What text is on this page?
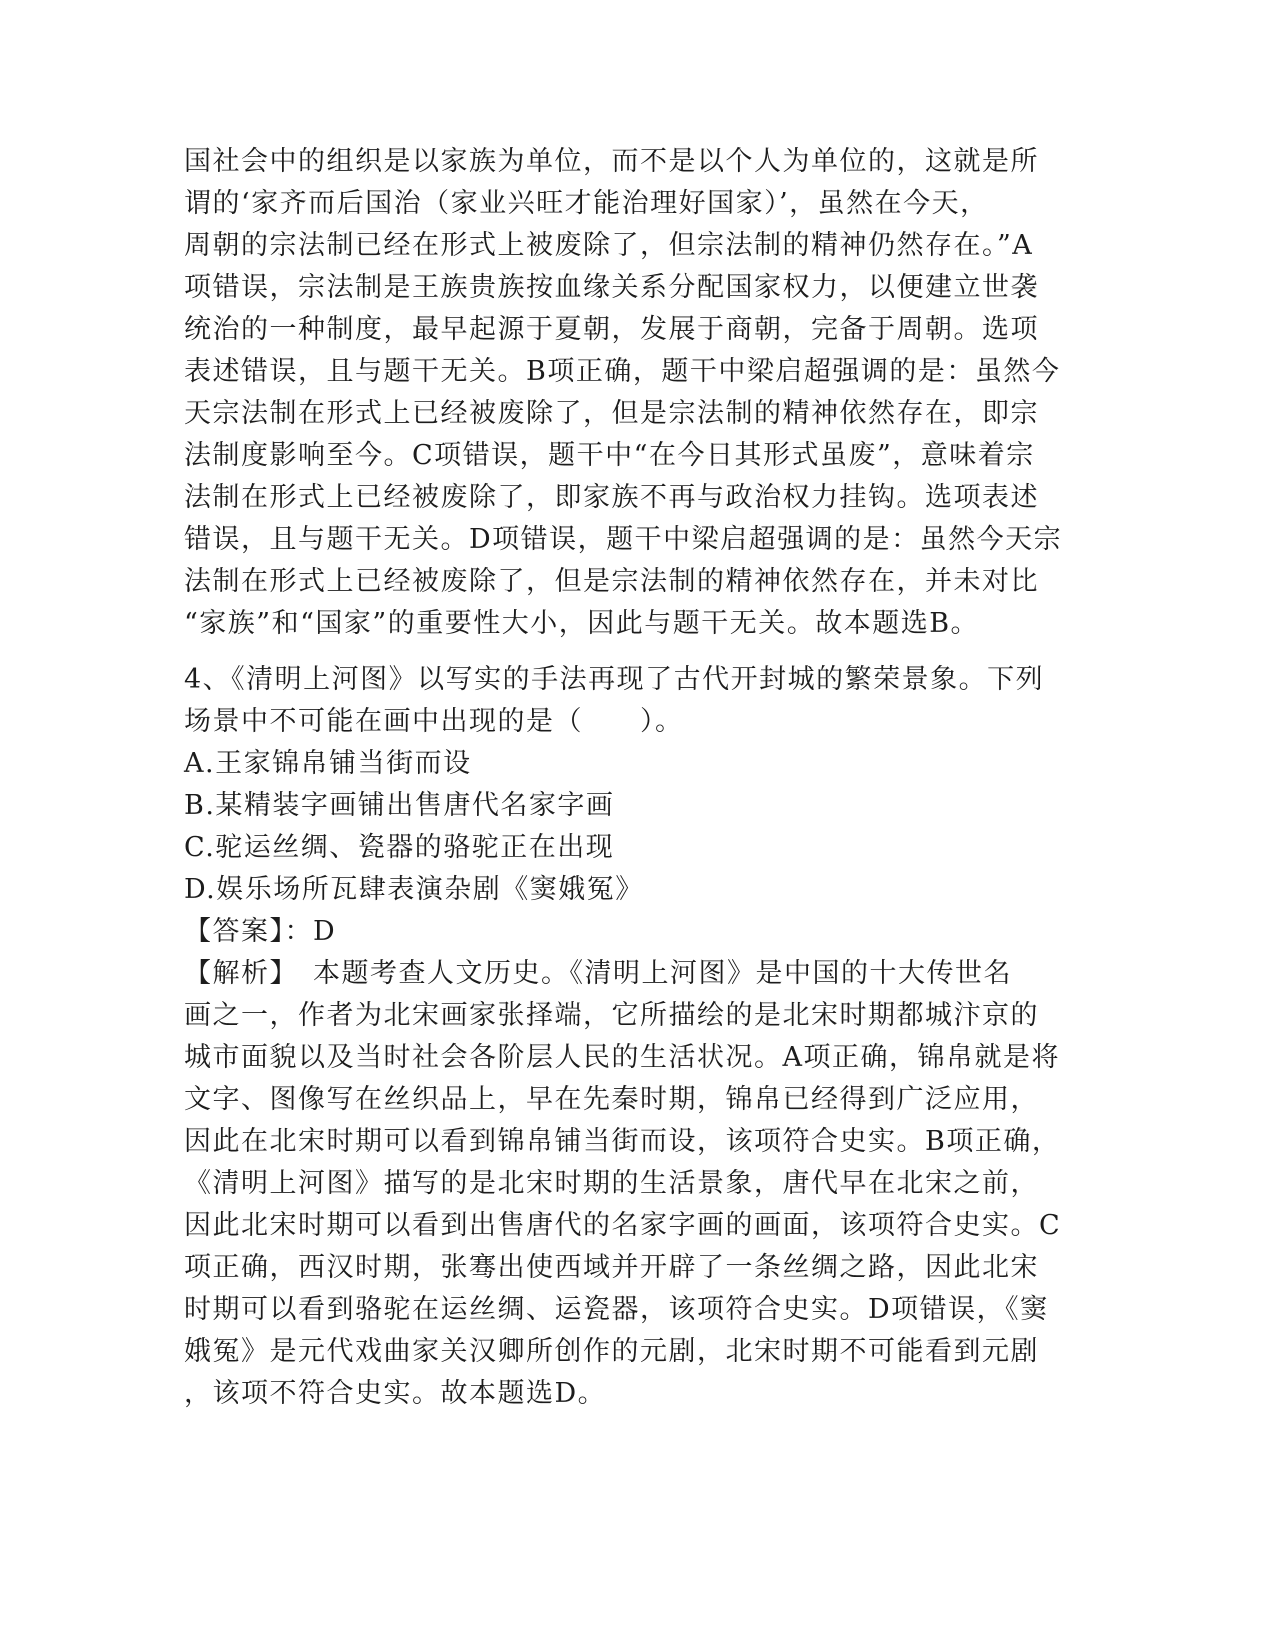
国社会中的组织是以家族为单位，而不是以个人为单位的，这就是所
谓的‘家齐而后国治（家业兴旺才能治理好国家）’，虽然在今天，
周朝的宗法制已经在形式上被废除了，但宗法制的精神仍然存在。”A
项错误，宗法制是王族贵族按血缘关系分配国家权力，以便建立世袭
统治的一种制度，最早起源于夏朝，发展于商朝，完备于周朝。选项
表述错误，且与题干无关。B项正确，题干中梁启超强调的是：虽然今
天宗法制在形式上已经被废除了，但是宗法制的精神依然存在，即宗
法制度影响至今。C项错误，题干中“在今日其形式虽废”，意味着宗
法制在形式上已经被废除了，即家族不再与政治权力挂钩。选项表述
错误，且与题干无关。D项错误，题干中梁启超强调的是：虽然今天宗
法制在形式上已经被废除了，但是宗法制的精神依然存在，并未对比
“家族”和“国家”的重要性大小，因此与题干无关。故本题选B。
4、《清明上河图》以写实的手法再现了古代开封城的繁荣景象。下列
场景中不可能在画中出现的是（　　）。
A.王家锦帛铺当街而设
B.某精装字画铺出售唐代名家字画
C.驼运丝绸、瓷器的骆驼正在出现
D.娱乐场所瓦肆表演杂剧《窦娥冤》
【答案】：D
【解析】　本题考查人文历史。《清明上河图》是中国的十大传世名
画之一，作者为北宋画家张择端，它所描绘的是北宋时期都城汴京的
城市面貌以及当时社会各阶层人民的生活状况。A项正确，锦帛就是将
文字、图像写在丝织品上，早在先秦时期，锦帛已经得到广泛应用，
因此在北宋时期可以看到锦帛铺当街而设，该项符合史实。B项正确，
《清明上河图》描写的是北宋时期的生活景象，唐代早在北宋之前，
因此北宋时期可以看到出售唐代的名家字画的画面，该项符合史实。C
项正确，西汉时期，张骞出使西域并开辟了一条丝绸之路，因此北宋
时期可以看到骆驼在运丝绸、运瓷器，该项符合史实。D项错误，《窦
娥冤》是元代戏曲家关汉卿所创作的元剧，北宋时期不可能看到元剧
，该项不符合史实。故本题选D。
